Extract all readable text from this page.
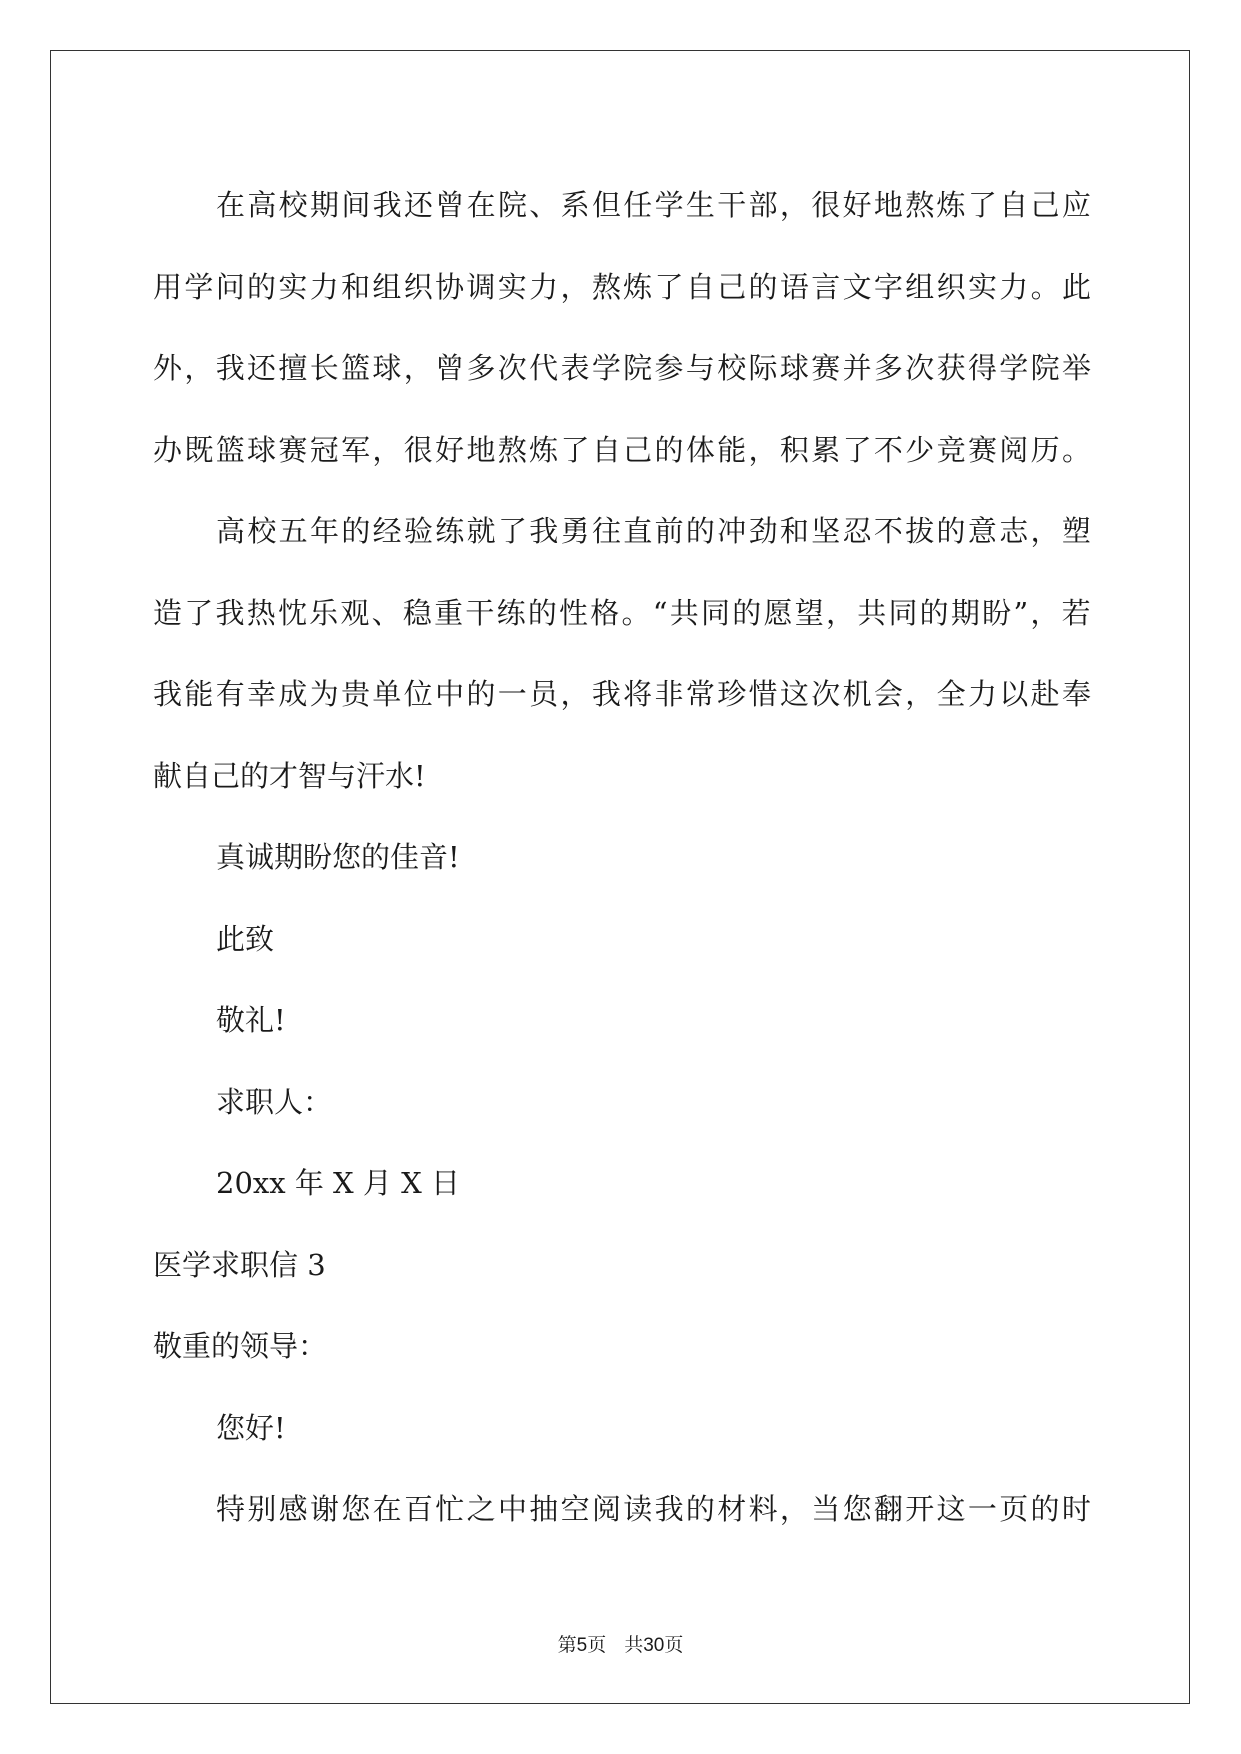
在 高 校 期 间 我 还 曾 在 院 、 系 但 任 学 生 干 部 ， 很 好 地 熬 炼 了 自 己 应
用 学 问 的 实 力 和 组 织 协 调 实 力 ， 熬 炼 了 自 己 的 语 言 文 字 组 织 实 力 。 此
外 ， 我 还 擅 长 篮 球 ， 曾 多 次 代 表 学 院 参 与 校 际 球 赛 并 多 次 获 得 学 院 举
办 既 篮 球 赛 冠 军 ， 很 好 地 熬 炼 了 自 己 的 体 能 ， 积 累 了 不 少 竞 赛 阅 历 。
高 校 五 年 的 经 验 练 就 了 我 勇 往 直 前 的 冲 劲 和 坚 忍 不 拔 的 意 志 ， 塑
造 了 我 热 忱 乐 观 、 稳 重 干 练 的 性 格 。 “ 共 同 的 愿 望 ， 共 同 的 期 盼 ” ， 若
我 能 有 幸 成 为 贵 单 位 中 的 一 员 ， 我 将 非 常 珍 惜 这 次 机 会 ， 全 力 以 赴 奉
献自己的才智与汗水!
真诚期盼您的佳音!
此致
敬礼!
求职人：
20xx 年 X 月 X 日
医学求职信 3
敬重的领导：
您好!
特 别 感 谢 您 在 百 忙 之 中 抽 空 阅 读 我 的 材 料 ， 当 您 翻 开 这 一 页 的 时
第5页 共30页
